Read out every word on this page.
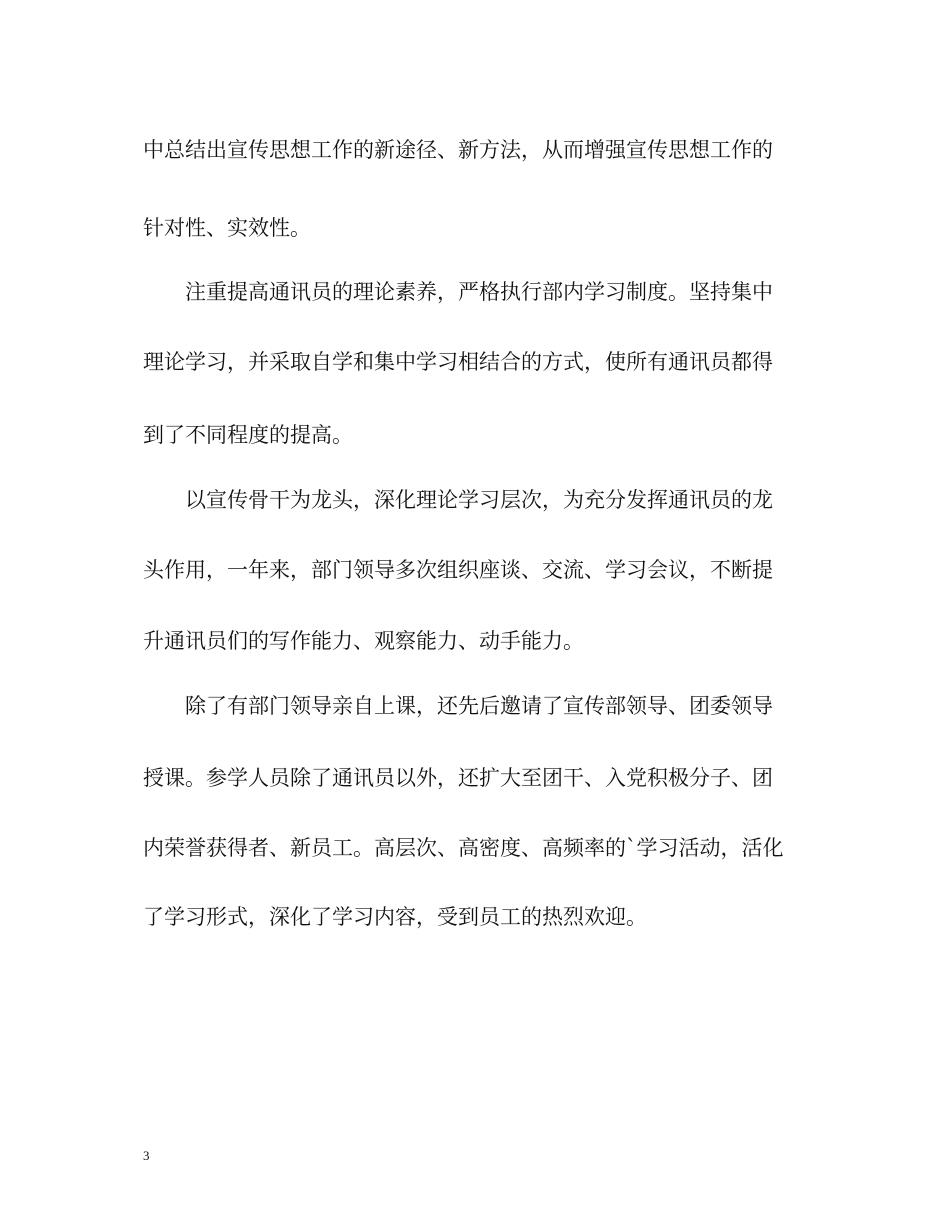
中总结出宣传思想工作的新途径、新方法，从而增强宣传思想工作的
针对性、实效性。
　　注重提高通讯员的理论素养，严格执行部内学习制度。坚持集中
理论学习，并采取自学和集中学习相结合的方式，使所有通讯员都得
到了不同程度的提高。
　　以宣传骨干为龙头，深化理论学习层次，为充分发挥通讯员的龙
头作用，一年来，部门领导多次组织座谈、交流、学习会议，不断提
升通讯员们的写作能力、观察能力、动手能力。
　　除了有部门领导亲自上课，还先后邀请了宣传部领导、团委领导
授课。参学人员除了通讯员以外，还扩大至团干、入党积极分子、团
内荣誉获得者、新员工。高层次、高密度、高频率的`学习活动，活化
了学习形式，深化了学习内容，受到员工的热烈欢迎。
3
